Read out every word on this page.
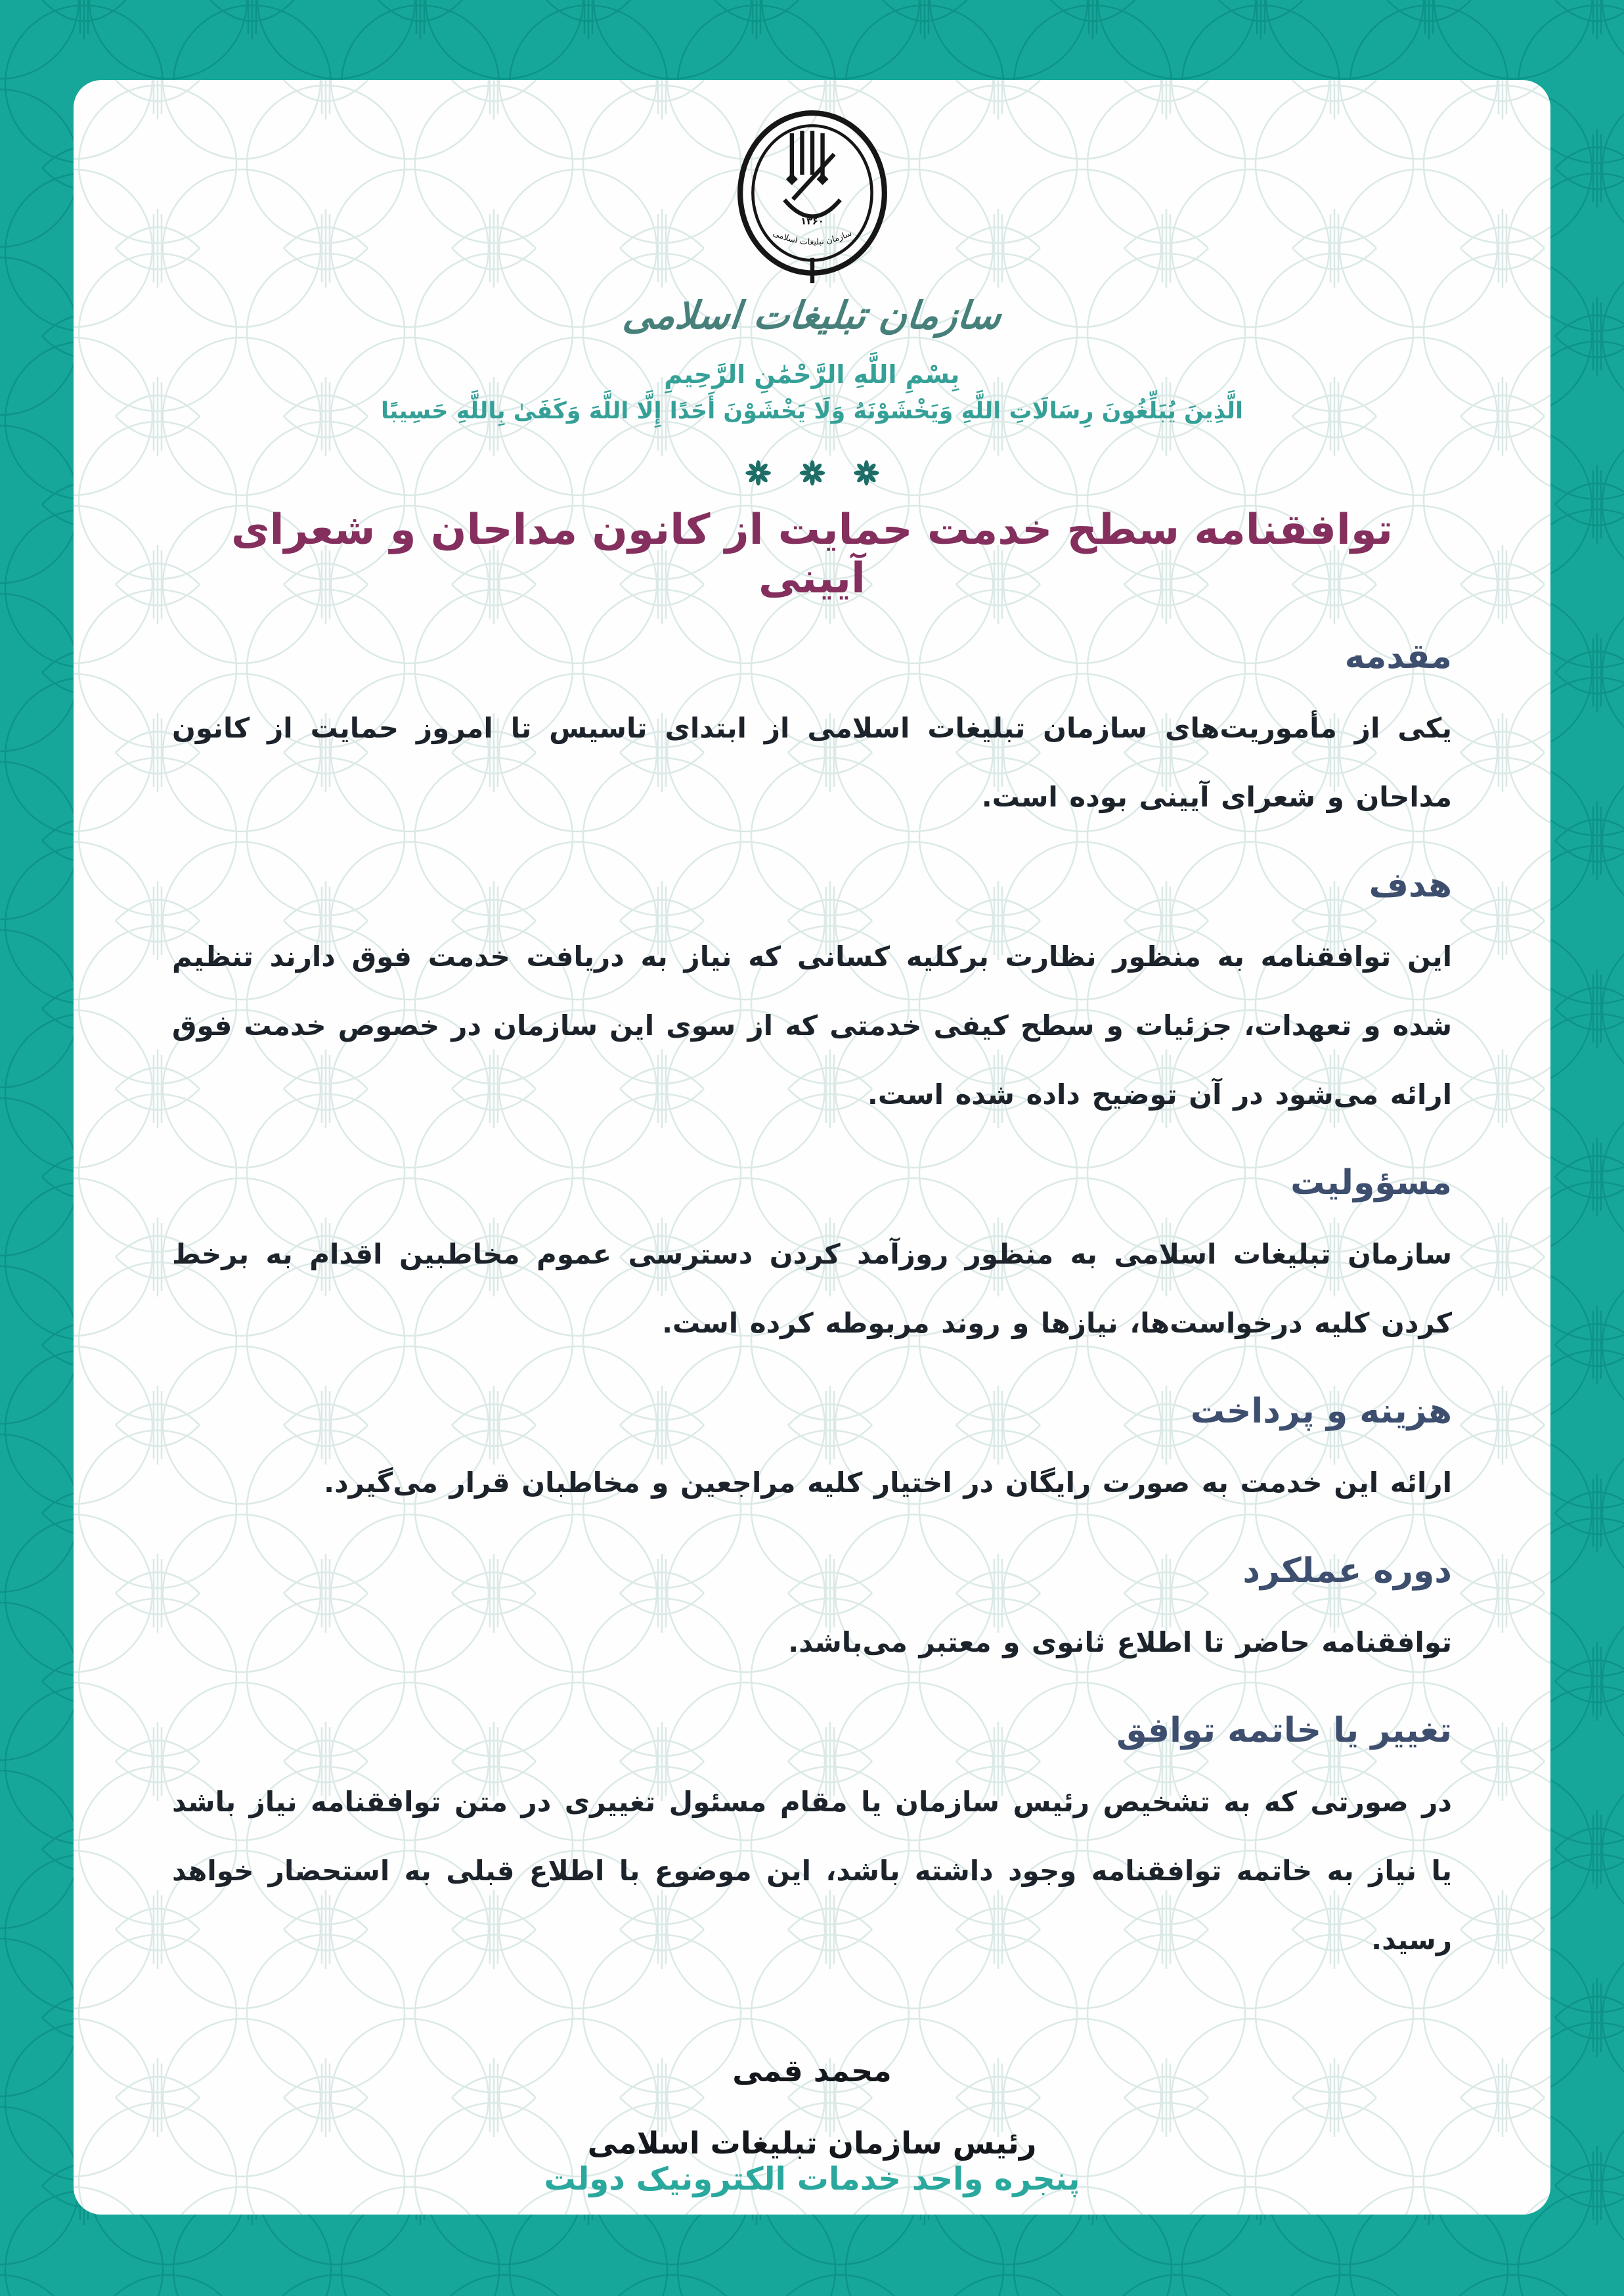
۱۳۶۰
سازمان تبلیغات اسلامی
سازمان تبلیغات اسلامی
بِسْمِ اللَّهِ الرَّحْمَٰنِ الرَّحِيمِ
الَّذِينَ يُبَلِّغُونَ رِسَالَاتِ اللَّهِ وَيَخْشَوْنَهُ وَلَا يَخْشَوْنَ أَحَدًا إِلَّا اللَّهَ وَكَفَىٰ بِاللَّهِ حَسِيبًا
توافقنامه سطح خدمت حمایت از کانون مداحان و شعرای آیینی
مقدمه

یکی از مأموریت‌های سازمان تبلیغات اسلامی از ابتدای تاسیس تا امروز حمایت از کانون مداحان و شعرای آیینی بوده است.

هدف

این توافقنامه به منظور نظارت برکلیه کسانی که نیاز به دریافت خدمت فوق دارند تنظیم شده و تعهدات، جزئیات و سطح کیفی خدمتی که از سوی این سازمان در خصوص خدمت فوق ارائه می‌شود در آن توضیح داده شده است.

مسؤولیت

سازمان تبلیغات اسلامی به منظور روزآمد کردن دسترسی عموم مخاطبین اقدام به برخط کردن کلیه درخواست‌ها، نیازها و روند مربوطه کرده است.

هزینه و پرداخت

ارائه این خدمت به صورت رایگان در اختیار کلیه مراجعین و مخاطبان قرار می‌گیرد.

دوره عملکرد

توافقنامه حاضر تا اطلاع ثانوی و معتبر می‌باشد.

تغییر یا خاتمه توافق

در صورتی که به تشخیص رئیس سازمان یا مقام مسئول تغییری در متن توافقنامه نیاز باشد یا نیاز به خاتمه توافقنامه وجود داشته باشد، این موضوع با اطلاع قبلی به استحضار خواهد رسید.

محمد قمی
رئیس سازمان تبلیغات اسلامی
پنجره واحد خدمات الکترونیک دولت
